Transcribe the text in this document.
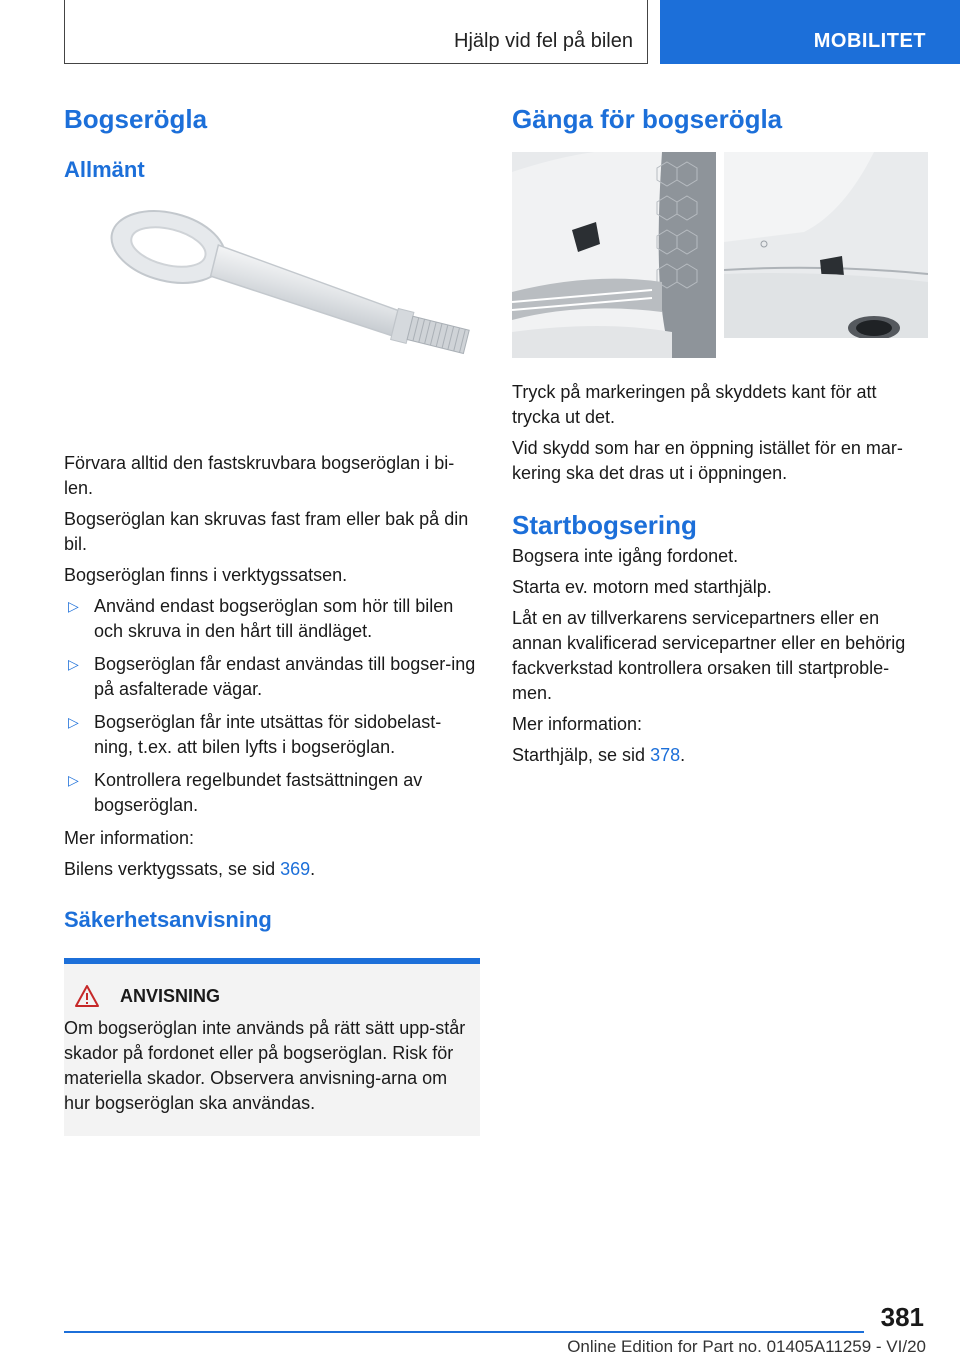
Hjälp vid fel på bilen	MOBILITET
Bogserögla
Allmänt

Förvara alltid den fastskruvbara bogseröglan i bi-len.

Bogseröglan kan skruvas fast fram eller bak på din bil.

Bogseröglan finns i verktygssatsen.

▷ Använd endast bogseröglan som hör till bilen och skruva in den hårt till ändläget.
▷ Bogseröglan får endast användas till bogser-ing på asfalterade vägar.
▷ Bogseröglan får inte utsättas för sidobelast-ning, t.ex. att bilen lyfts i bogseröglan.
▷ Kontrollera regelbundet fastsättningen av bogseröglan.

Mer information:

Bilens verktygssats, se sid 369.

Säkerhetsanvisning
ANVISNING

Om bogseröglan inte används på rätt sätt upp-står skador på fordonet eller på bogseröglan. Risk för materiella skador. Observera anvisning-arna om hur bogseröglan ska användas.

Gänga för bogserögla

Tryck på markeringen på skyddets kant för att trycka ut det.

Vid skydd som har en öppning istället för en mar-kering ska det dras ut i öppningen.

Startbogsering

Bogsera inte igång fordonet.

Starta ev. motorn med starthjälp.

Låt en av tillverkarens servicepartners eller en annan kvalificerad servicepartner eller en behörig fackverkstad kontrollera orsaken till startproble-men.

Mer information:

Starthjälp, se sid 378.

381
Online Edition for Part no. 01405A11259 - VI/20
